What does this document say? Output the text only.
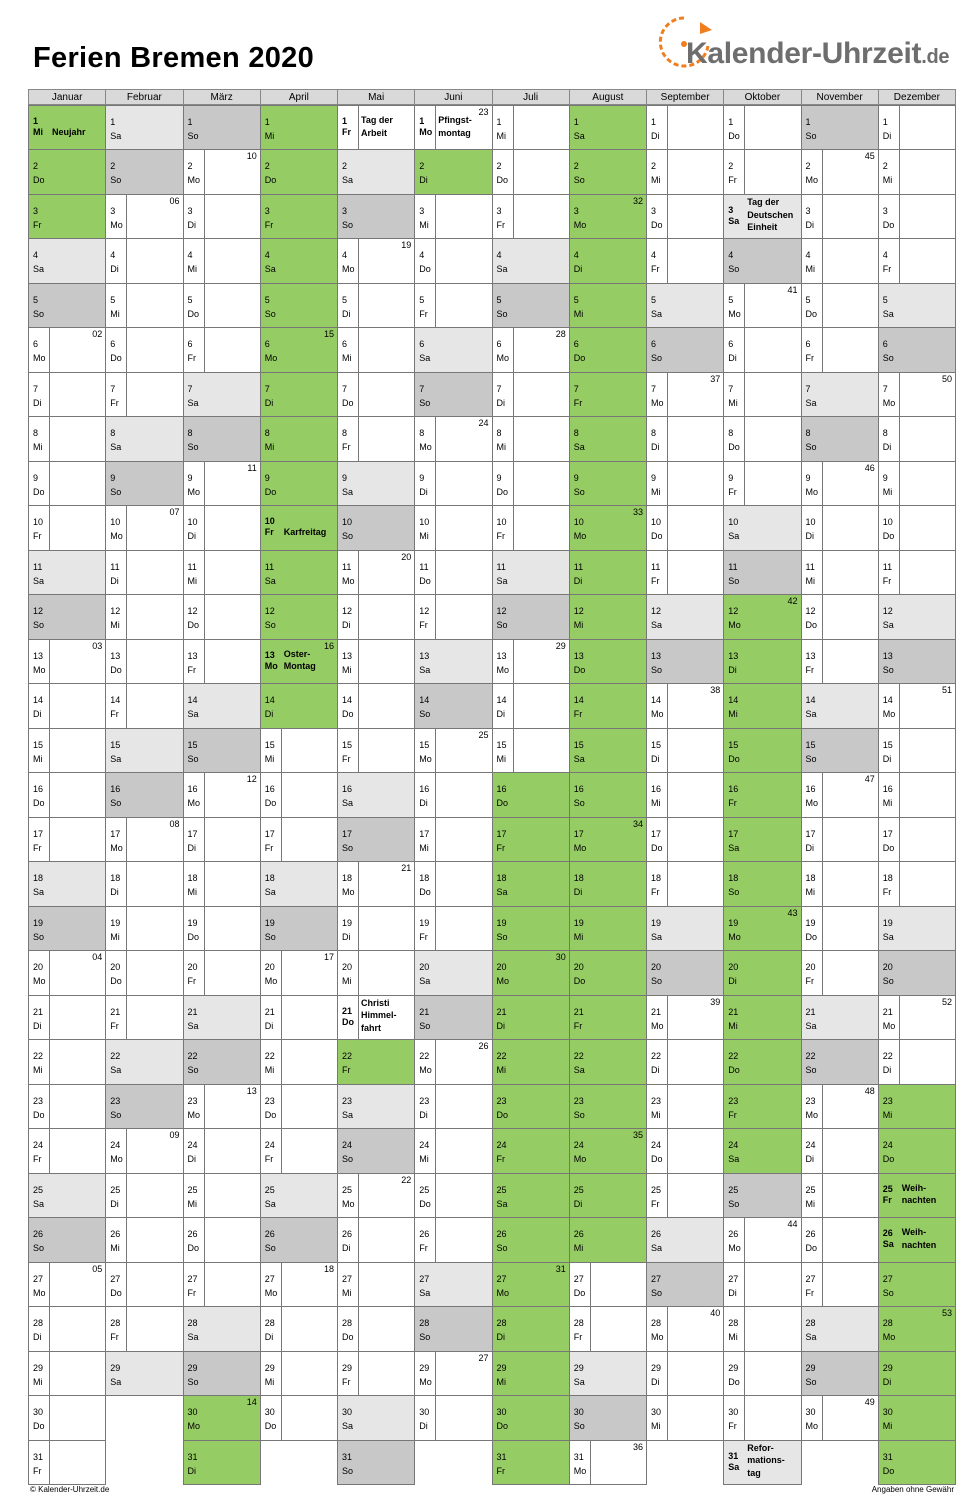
Ferien Bremen 2020	Kalender-Uhrzeit.de
Januar
1
Mi Neujahr
2
Do
3
Fr
4
Sa
5
So
6
Mo
02
7
Di
8
Mi
9
Do
10
Fr
11
Sa
12
So
13
Mo
03
14
Di
15
Mi
16
Do
17
Fr
18
Sa
19
So
20
Mo
04
21
Di
22
Mi
23
Do
24
Fr
25
Sa
26
So
27
Mo
05
28
Di
29
Mi
30
Do
31
Fr
Februar
1
Sa
2
So
3
Mo
06
4
Di
5
Mi
6
Do
7
Fr
8
Sa
9
So
10
Mo
07
11
Di
12
Mi
13
Do
14
Fr
15
Sa
16
So
17
Mo
08
18
Di
19
Mi
20
Do
21
Fr
22
Sa
23
So
24
Mo
09
25
Di
26
Mi
27
Do
28
Fr
29
Sa
März
1
So
2
Mo
10
3
Di
4
Mi
5
Do
6
Fr
7
Sa
8
So
9
Mo
11
10
Di
11
Mi
12
Do
13
Fr
14
Sa
15
So
16
Mo
12
17
Di
18
Mi
19
Do
20
Fr
21
Sa
22
So
23
Mo
13
24
Di
25
Mi
26
Do
27
Fr
28
Sa
29
So
30
Mo
14
31
Di
April
1
Mi
2
Do
3
Fr
4
Sa
5
So
6
Mo
15
7
Di
8
Mi
9
Do
10
Fr Karfreitag
11
Sa
12
So
13
Mo
16
Oster-
Montag
14
Di
15
Mi
16
Do
17
Fr
18
Sa
19
So
20
Mo
17
21
Di
22
Mi
23
Do
24
Fr
25
Sa
26
So
27
Mo
18
28
Di
29
Mi
30
Do
Mai
1
Fr
Tag der
Arbeit
2
Sa
3
So
4
Mo
19
5
Di
6
Mi
7
Do
8
Fr
9
Sa
10
So
11
Mo
20
12
Di
13
Mi
14
Do
15
Fr
16
Sa
17
So
18
Mo
21
19
Di
20
Mi
21
Do
Christi
Himmel-
fahrt
22
Fr
23
Sa
24
So
25
Mo
22
26
Di
27
Mi
28
Do
29
Fr
30
Sa
31
So
Juni
1
Mo
23
Pfingst-
montag
2
Di
3
Mi
4
Do
5
Fr
6
Sa
7
So
8
Mo
24
9
Di
10
Mi
11
Do
12
Fr
13
Sa
14
So
15
Mo
25
16
Di
17
Mi
18
Do
19
Fr
20
Sa
21
So
22
Mo
26
23
Di
24
Mi
25
Do
26
Fr
27
Sa
28
So
29
Mo
27
30
Di
Juli
1
Mi
2
Do
3
Fr
4
Sa
5
So
6
Mo
28
7
Di
8
Mi
9
Do
10
Fr
11
Sa
12
So
13
Mo
29
14
Di
15
Mi
16
Do
17
Fr
18
Sa
19
So
20
Mo
30
21
Di
22
Mi
23
Do
24
Fr
25
Sa
26
So
27
Mo
31
28
Di
29
Mi
30
Do
31
Fr
August
1
Sa
2
So
3
Mo
32
4
Di
5
Mi
6
Do
7
Fr
8
Sa
9
So
10
Mo
33
11
Di
12
Mi
13
Do
14
Fr
15
Sa
16
So
17
Mo
34
18
Di
19
Mi
20
Do
21
Fr
22
Sa
23
So
24
Mo
35
25
Di
26
Mi
27
Do
28
Fr
29
Sa
30
So
31
Mo
36
September
1
Di
2
Mi
3
Do
4
Fr
5
Sa
6
So
7
Mo
37
8
Di
9
Mi
10
Do
11
Fr
12
Sa
13
So
14
Mo
38
15
Di
16
Mi
17
Do
18
Fr
19
Sa
20
So
21
Mo
39
22
Di
23
Mi
24
Do
25
Fr
26
Sa
27
So
28
Mo
40
29
Di
30
Mi
Oktober
1
Do
2
Fr
3
Sa
Tag der
Deutschen
Einheit
4
So
5
Mo
41
6
Di
7
Mi
8
Do
9
Fr
10
Sa
11
So
12
Mo
42
13
Di
14
Mi
15
Do
16
Fr
17
Sa
18
So
19
Mo
43
20
Di
21
Mi
22
Do
23
Fr
24
Sa
25
So
26
Mo
44
27
Di
28
Mi
29
Do
30
Fr
31
Sa
Refor-
mations-
tag
November
1
So
2
Mo
45
3
Di
4
Mi
5
Do
6
Fr
7
Sa
8
So
9
Mo
46
10
Di
11
Mi
12
Do
13
Fr
14
Sa
15
So
16
Mo
47
17
Di
18
Mi
19
Do
20
Fr
21
Sa
22
So
23
Mo
48
24
Di
25
Mi
26
Do
27
Fr
28
Sa
29
So
30
Mo
49
Dezember
1
Di
2
Mi
3
Do
4
Fr
5
Sa
6
So
7
Mo
50
8
Di
9
Mi
10
Do
11
Fr
12
Sa
13
So
14
Mo
51
15
Di
16
Mi
17
Do
18
Fr
19
Sa
20
So
21
Mo
52
22
Di
23
Mi
24
Do
25
Fr
Weih-
nachten
26
Sa
Weih-
nachten
27
So
28
Mo
53
29
Di
30
Mi
31
Do
© Kalender-Uhrzeit.de	Angaben ohne Gewähr
